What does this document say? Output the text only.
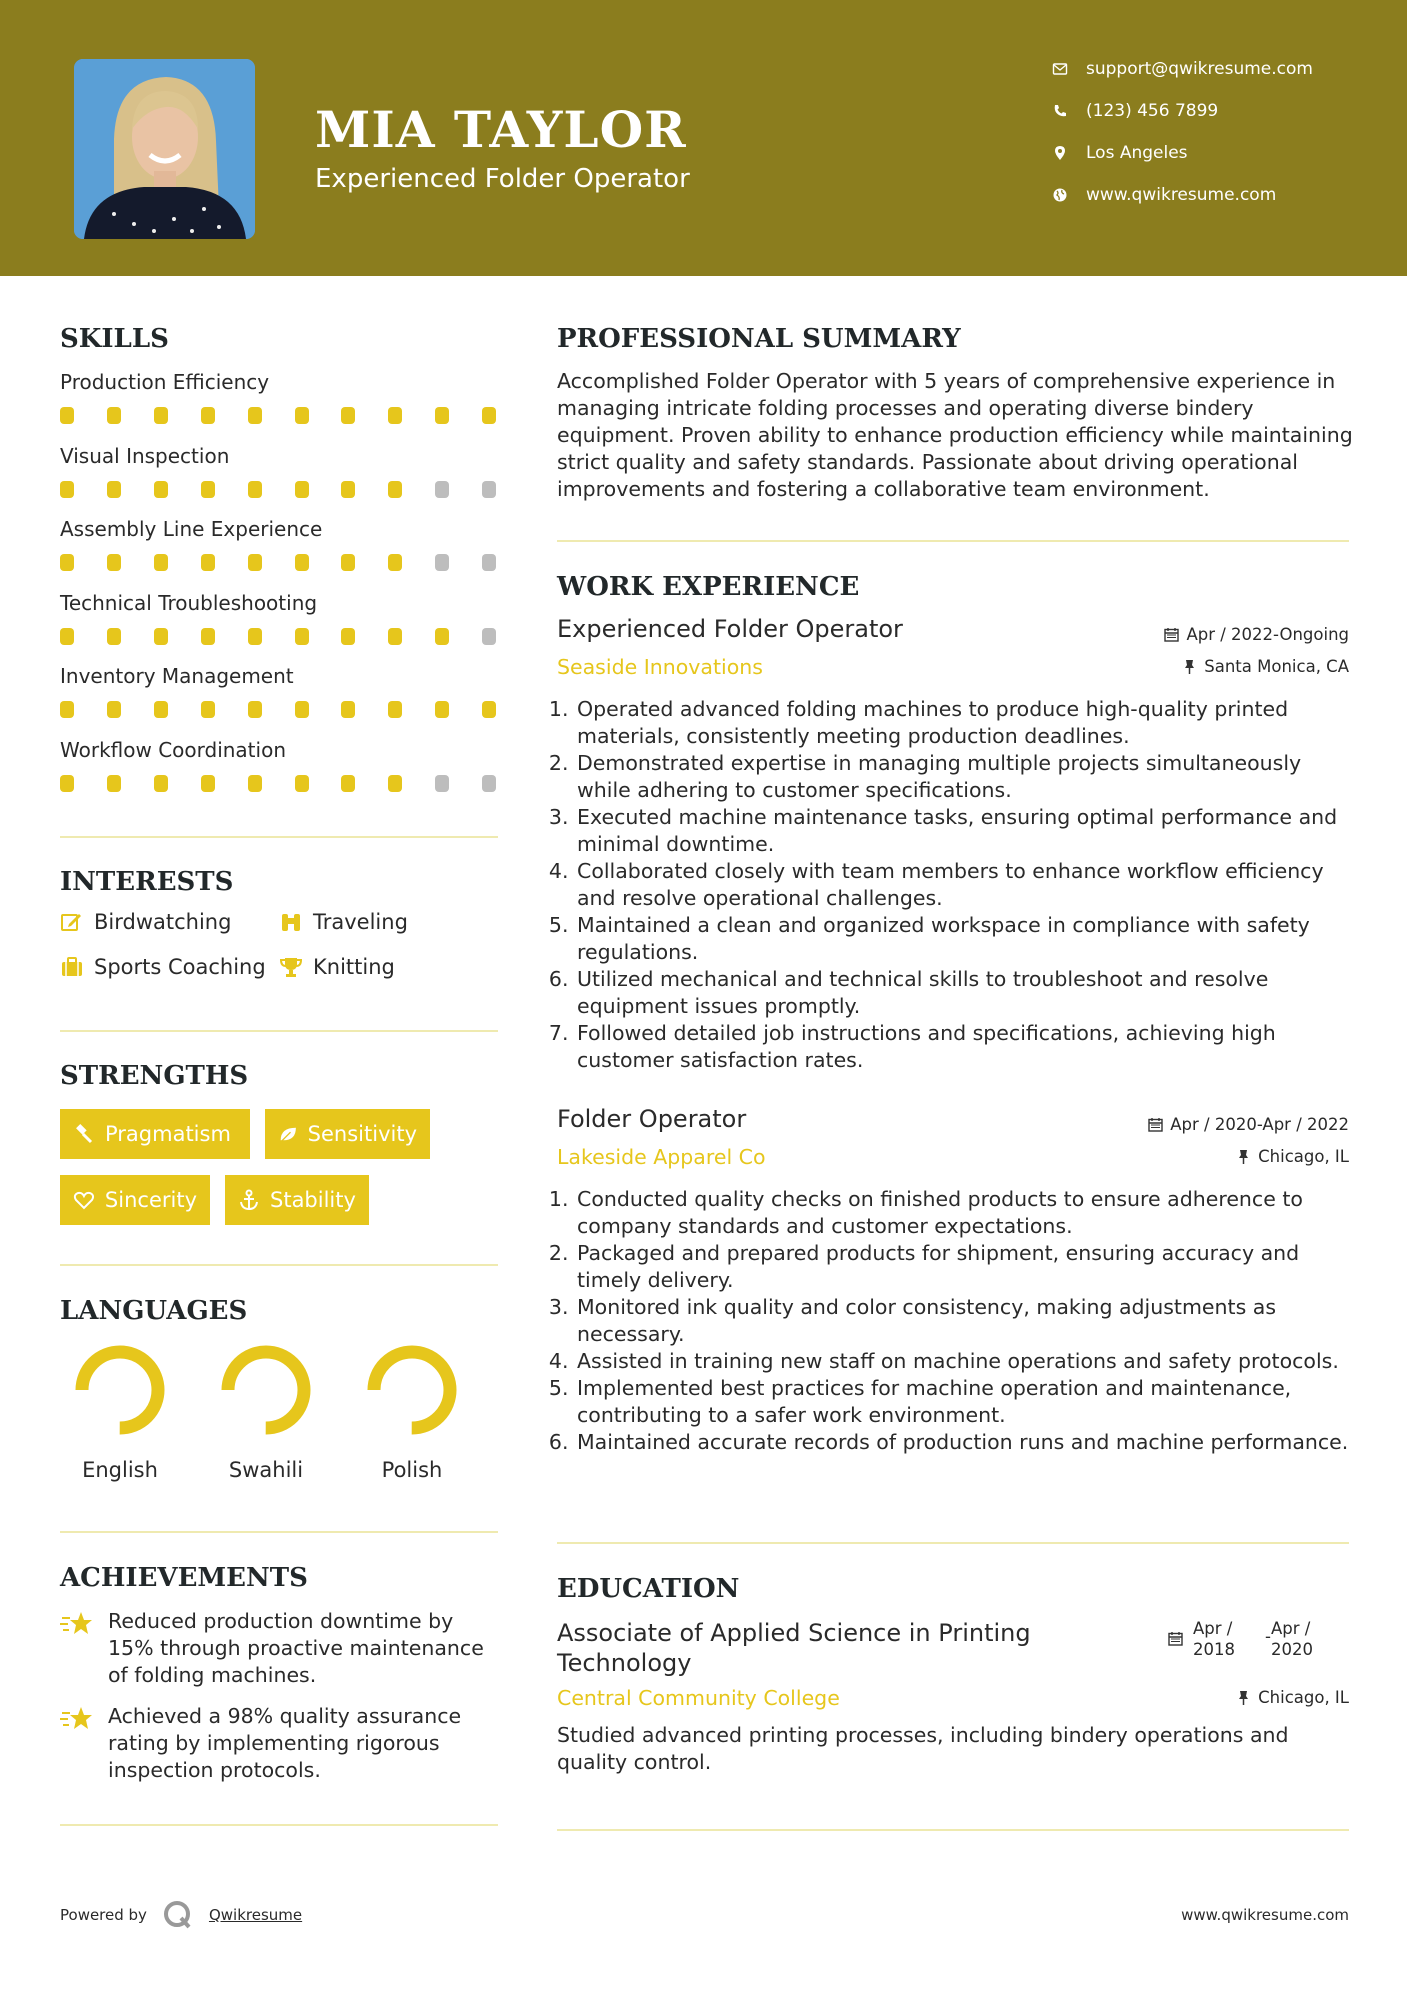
MIA TAYLOR
Experienced Folder Operator
support@qwikresume.com
(123) 456 7899
Los Angeles
www.qwikresume.com
SKILLS
Production Efficiency
Visual Inspection
Assembly Line Experience
Technical Troubleshooting
Inventory Management
Workflow Coordination
INTERESTS
Birdwatching	Traveling
Sports Coaching Knitting
STRENGTHS
Pragmatism	Sensitivity
Sincerity	Stability
LANGUAGES
English	Swahili	Polish
ACHIEVEMENTS
Reduced production downtime by 15% through proactive maintenance of folding machines.
Achieved a 98% quality assurance rating by implementing rigorous inspection protocols.
PROFESSIONAL SUMMARY
Accomplished Folder Operator with 5 years of comprehensive experience in managing intricate folding processes and operating diverse bindery equipment. Proven ability to enhance production efficiency while maintaining strict quality and safety standards. Passionate about driving operational improvements and fostering a collaborative team environment.
WORK EXPERIENCE
Experienced Folder Operator	Apr / 2022-Ongoing
Seaside Innovations	Santa Monica, CA
1. Operated advanced folding machines to produce high-quality printed materials, consistently meeting production deadlines.
2. Demonstrated expertise in managing multiple projects simultaneously while adhering to customer specifications.
3. Executed machine maintenance tasks, ensuring optimal performance and minimal downtime.
4. Collaborated closely with team members to enhance workflow efficiency and resolve operational challenges.
5. Maintained a clean and organized workspace in compliance with safety regulations.
6. Utilized mechanical and technical skills to troubleshoot and resolve equipment issues promptly.
7. Followed detailed job instructions and specifications, achieving high customer satisfaction rates.
Folder Operator	Apr / 2020-Apr / 2022
Lakeside Apparel Co	Chicago, IL
1. Conducted quality checks on finished products to ensure adherence to company standards and customer expectations.
2. Packaged and prepared products for shipment, ensuring accuracy and timely delivery.
3. Monitored ink quality and color consistency, making adjustments as necessary.
4. Assisted in training new staff on machine operations and safety protocols.
5. Implemented best practices for machine operation and maintenance, contributing to a safer work environment.
6. Maintained accurate records of production runs and machine performance.
EDUCATION
Associate of Applied Science in Printing
Technology
Apr /
2018
- Apr /
2020
Central Community College	Chicago, IL
Studied advanced printing processes, including bindery operations and quality control.
Powered by	Qwikresume	www.qwikresume.com
